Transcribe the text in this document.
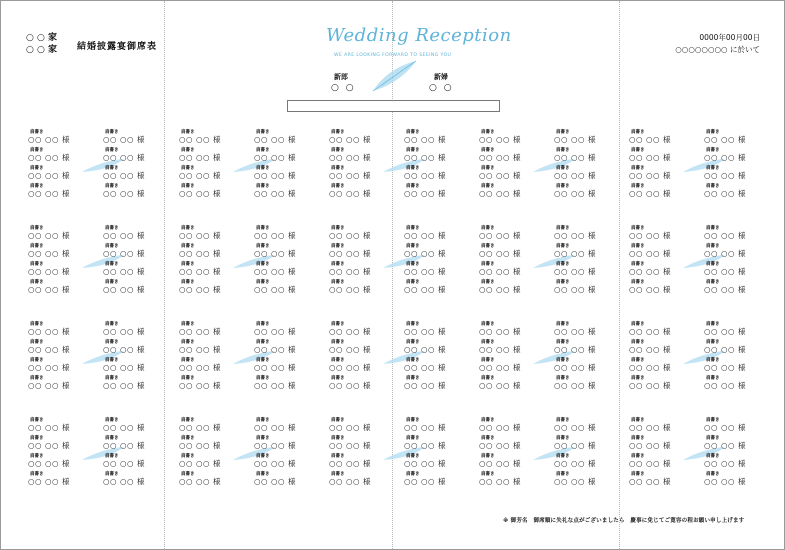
○ ○ 家
○ ○ 家 結婚披露宴御席表
Wedding Reception
WE ARE LOOKING FORWARD TO SEEING YOU
新郎
○ ○
新婦
○ ○
0000年00月00日
○○○○○○○○ に於いて
肩書き
○○ ○○ 様
肩書き
○○ ○○ 様
肩書き
○○ ○○ 様
肩書き
○○ ○○ 様
肩書き
○○ ○○ 様
肩書き
○○ ○○ 様
肩書き
○○ ○○ 様
肩書き
○○ ○○ 様
肩書き
○○ ○○ 様
肩書き
○○ ○○ 様
肩書き
○○ ○○ 様
肩書き
○○ ○○ 様
肩書き
○○ ○○ 様
肩書き
○○ ○○ 様
肩書き
○○ ○○ 様
肩書き
○○ ○○ 様
肩書き
○○ ○○ 様
肩書き
○○ ○○ 様
肩書き
○○ ○○ 様
肩書き
○○ ○○ 様
肩書き
○○ ○○ 様
肩書き
○○ ○○ 様
肩書き
○○ ○○ 様
肩書き
○○ ○○ 様
肩書き
○○ ○○ 様
肩書き
○○ ○○ 様
肩書き
○○ ○○ 様
肩書き
○○ ○○ 様
肩書き
○○ ○○ 様
肩書き
○○ ○○ 様
肩書き
○○ ○○ 様
肩書き
○○ ○○ 様
肩書き
○○ ○○ 様
肩書き
○○ ○○ 様
肩書き
○○ ○○ 様
肩書き
○○ ○○ 様
肩書き
○○ ○○ 様
肩書き
○○ ○○ 様
肩書き
○○ ○○ 様
肩書き
○○ ○○ 様
肩書き
○○ ○○ 様
肩書き
○○ ○○ 様
肩書き
○○ ○○ 様
肩書き
○○ ○○ 様
肩書き
○○ ○○ 様
肩書き
○○ ○○ 様
肩書き
○○ ○○ 様
肩書き
○○ ○○ 様
肩書き
○○ ○○ 様
肩書き
○○ ○○ 様
肩書き
○○ ○○ 様
肩書き
○○ ○○ 様
肩書き
○○ ○○ 様
肩書き
○○ ○○ 様
肩書き
○○ ○○ 様
肩書き
○○ ○○ 様
肩書き
○○ ○○ 様
肩書き
○○ ○○ 様
肩書き
○○ ○○ 様
肩書き
○○ ○○ 様
肩書き
○○ ○○ 様
肩書き
○○ ○○ 様
肩書き
○○ ○○ 様
肩書き
○○ ○○ 様
肩書き
○○ ○○ 様
肩書き
○○ ○○ 様
肩書き
○○ ○○ 様
肩書き
○○ ○○ 様
肩書き
○○ ○○ 様
肩書き
○○ ○○ 様
肩書き
○○ ○○ 様
肩書き
○○ ○○ 様
肩書き
○○ ○○ 様
肩書き
○○ ○○ 様
肩書き
○○ ○○ 様
肩書き
○○ ○○ 様
肩書き
○○ ○○ 様
肩書き
○○ ○○ 様
肩書き
○○ ○○ 様
肩書き
○○ ○○ 様
肩書き
○○ ○○ 様
肩書き
○○ ○○ 様
肩書き
○○ ○○ 様
肩書き
○○ ○○ 様
肩書き
○○ ○○ 様
肩書き
○○ ○○ 様
肩書き
○○ ○○ 様
肩書き
○○ ○○ 様
肩書き
○○ ○○ 様
肩書き
○○ ○○ 様
肩書き
○○ ○○ 様
肩書き
○○ ○○ 様
肩書き
○○ ○○ 様
肩書き
○○ ○○ 様
肩書き
○○ ○○ 様
肩書き
○○ ○○ 様
肩書き
○○ ○○ 様
肩書き
○○ ○○ 様
肩書き
○○ ○○ 様
肩書き
○○ ○○ 様
肩書き
○○ ○○ 様
肩書き
○○ ○○ 様
肩書き
○○ ○○ 様
肩書き
○○ ○○ 様
肩書き
○○ ○○ 様
肩書き
○○ ○○ 様
肩書き
○○ ○○ 様
肩書き
○○ ○○ 様
肩書き
○○ ○○ 様
肩書き
○○ ○○ 様
肩書き
○○ ○○ 様
肩書き
○○ ○○ 様
肩書き
○○ ○○ 様
肩書き
○○ ○○ 様
肩書き
○○ ○○ 様
肩書き
○○ ○○ 様
肩書き
○○ ○○ 様
肩書き
○○ ○○ 様
肩書き
○○ ○○ 様
肩書き
○○ ○○ 様
肩書き
○○ ○○ 様
肩書き
○○ ○○ 様
肩書き
○○ ○○ 様
肩書き
○○ ○○ 様
肩書き
○○ ○○ 様
肩書き
○○ ○○ 様
肩書き
○○ ○○ 様
肩書き
○○ ○○ 様
肩書き
○○ ○○ 様
肩書き
○○ ○○ 様
肩書き
○○ ○○ 様
肩書き
○○ ○○ 様
肩書き
○○ ○○ 様
肩書き
○○ ○○ 様
肩書き
○○ ○○ 様
肩書き
○○ ○○ 様
肩書き
○○ ○○ 様
肩書き
○○ ○○ 様
肩書き
○○ ○○ 様
肩書き
○○ ○○ 様
肩書き
○○ ○○ 様
肩書き
○○ ○○ 様
肩書き
○○ ○○ 様
肩書き
○○ ○○ 様
肩書き
○○ ○○ 様
肩書き
○○ ○○ 様
肩書き
○○ ○○ 様
肩書き
○○ ○○ 様
肩書き
○○ ○○ 様
肩書き
○○ ○○ 様
肩書き
○○ ○○ 様
肩書き
○○ ○○ 様
肩書き
○○ ○○ 様
肩書き
○○ ○○ 様
肩書き
○○ ○○ 様
肩書き
○○ ○○ 様
肩書き
○○ ○○ 様
肩書き
○○ ○○ 様
肩書き
○○ ○○ 様
肩書き
○○ ○○ 様
※ 御芳名　御席順に失礼な点がございましたら　慶事に免じてご寛容の程お願い申し上げます
